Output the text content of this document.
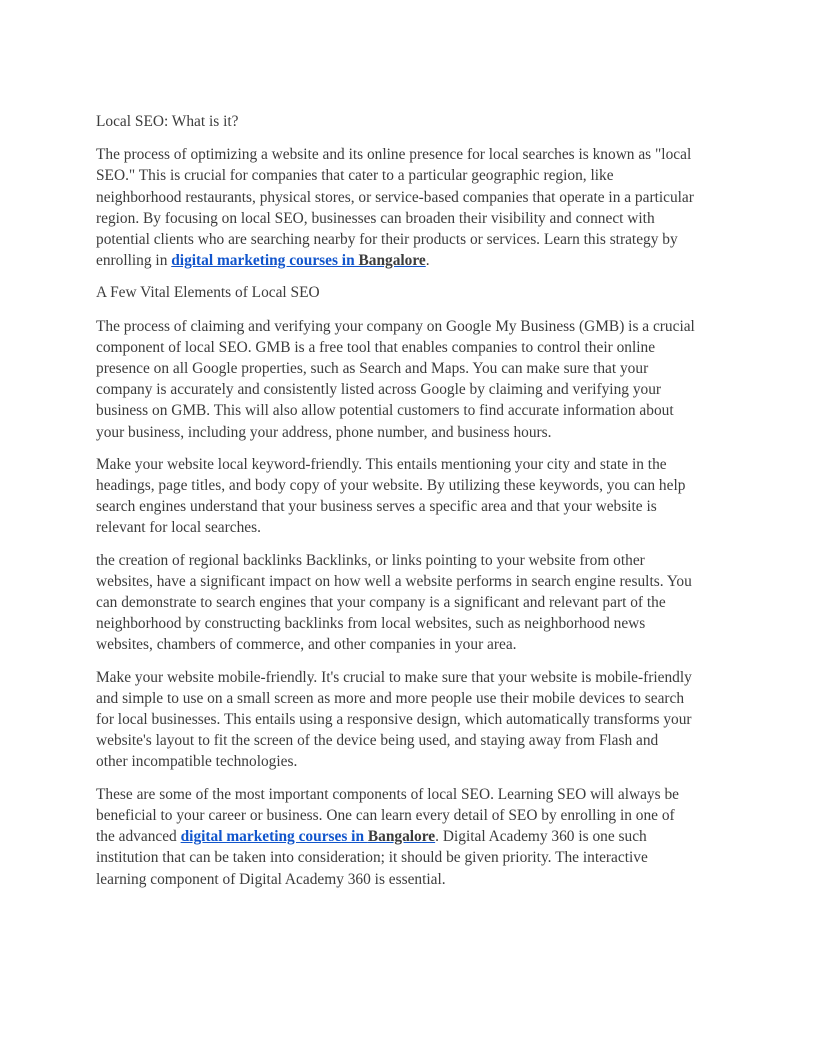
Local SEO: What is it?

The process of optimizing a website and its online presence for local searches is known as "local
SEO." This is crucial for companies that cater to a particular geographic region, like
neighborhood restaurants, physical stores, or service-based companies that operate in a particular
region. By focusing on local SEO, businesses can broaden their visibility and connect with
potential clients who are searching nearby for their products or services. Learn this strategy by
enrolling in digital marketing courses in Bangalore.

A Few Vital Elements of Local SEO

The process of claiming and verifying your company on Google My Business (GMB) is a crucial
component of local SEO. GMB is a free tool that enables companies to control their online
presence on all Google properties, such as Search and Maps. You can make sure that your
company is accurately and consistently listed across Google by claiming and verifying your
business on GMB. This will also allow potential customers to find accurate information about
your business, including your address, phone number, and business hours.

Make your website local keyword-friendly. This entails mentioning your city and state in the
headings, page titles, and body copy of your website. By utilizing these keywords, you can help
search engines understand that your business serves a specific area and that your website is
relevant for local searches.

the creation of regional backlinks Backlinks, or links pointing to your website from other
websites, have a significant impact on how well a website performs in search engine results. You
can demonstrate to search engines that your company is a significant and relevant part of the
neighborhood by constructing backlinks from local websites, such as neighborhood news
websites, chambers of commerce, and other companies in your area.

Make your website mobile-friendly. It's crucial to make sure that your website is mobile-friendly
and simple to use on a small screen as more and more people use their mobile devices to search
for local businesses. This entails using a responsive design, which automatically transforms your
website's layout to fit the screen of the device being used, and staying away from Flash and
other incompatible technologies.

These are some of the most important components of local SEO. Learning SEO will always be
beneficial to your career or business. One can learn every detail of SEO by enrolling in one of
the advanced digital marketing courses in Bangalore. Digital Academy 360 is one such
institution that can be taken into consideration; it should be given priority. The interactive
learning component of Digital Academy 360 is essential.
